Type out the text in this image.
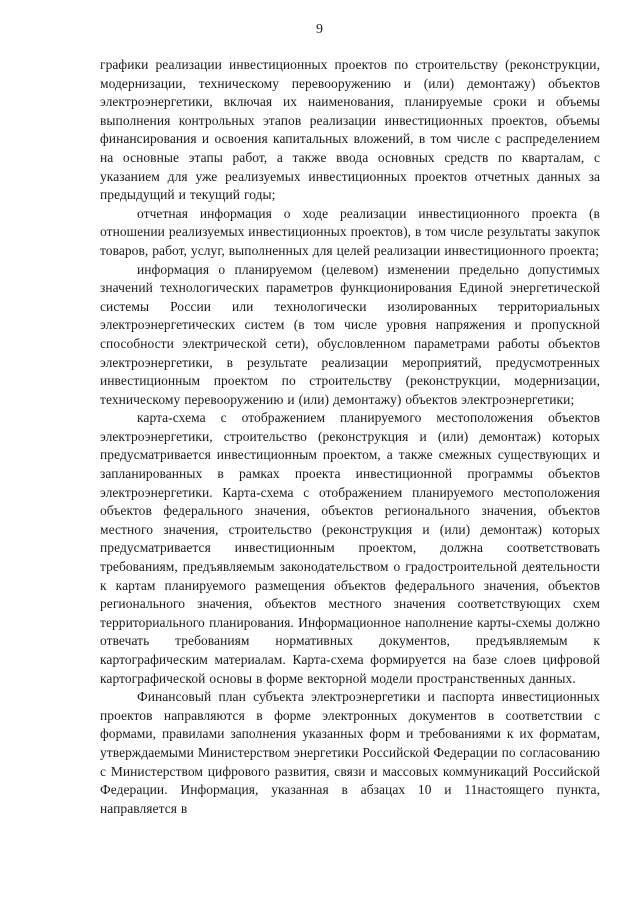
9

графики реализации инвестиционных проектов по строительству (реконструкции, модернизации, техническому перевооружению и (или) демонтажу) объектов электроэнергетики, включая их наименования, планируемые сроки и объемы выполнения контрольных этапов реализации инвестиционных проектов, объемы финансирования и освоения капитальных вложений, в том числе с распределением на основные этапы работ, а также ввода основных средств по кварталам, с указанием для уже реализуемых инвестиционных проектов отчетных данных за предыдущий и текущий годы;

отчетная информация о ходе реализации инвестиционного проекта (в отношении реализуемых инвестиционных проектов), в том числе результаты закупок товаров, работ, услуг, выполненных для целей реализации инвестиционного проекта;

информация о планируемом (целевом) изменении предельно допустимых значений технологических параметров функционирования Единой энергетической системы России или технологически изолированных территориальных электроэнергетических систем (в том числе уровня напряжения и пропускной способности электрической сети), обусловленном параметрами работы объектов электроэнергетики, в результате реализации мероприятий, предусмотренных инвестиционным проектом по строительству (реконструкции, модернизации, техническому перевооружению и (или) демонтажу) объектов электроэнергетики;

карта-схема с отображением планируемого местоположения объектов электроэнергетики, строительство (реконструкция и (или) демонтаж) которых предусматривается инвестиционным проектом, а также смежных существующих и запланированных в рамках проекта инвестиционной программы объектов электроэнергетики. Карта-схема с отображением планируемого местоположения объектов федерального значения, объектов регионального значения, объектов местного значения, строительство (реконструкция и (или) демонтаж) которых предусматривается инвестиционным проектом, должна соответствовать требованиям, предъявляемым законодательством о градостроительной деятельности к картам планируемого размещения объектов федерального значения, объектов регионального значения, объектов местного значения соответствующих схем территориального планирования. Информационное наполнение карты-схемы должно отвечать требованиям нормативных документов, предъявляемым к картографическим материалам. Карта-схема формируется на базе слоев цифровой картографической основы в форме векторной модели пространственных данных.

Финансовый план субъекта электроэнергетики и паспорта инвестиционных проектов направляются в форме электронных документов в соответствии с формами, правилами заполнения указанных форм и требованиями к их форматам, утверждаемыми Министерством энергетики Российской Федерации по согласованию с Министерством цифрового развития, связи и массовых коммуникаций Российской Федерации. Информация, указанная в абзацах 10 и 11настоящего пункта, направляется в
